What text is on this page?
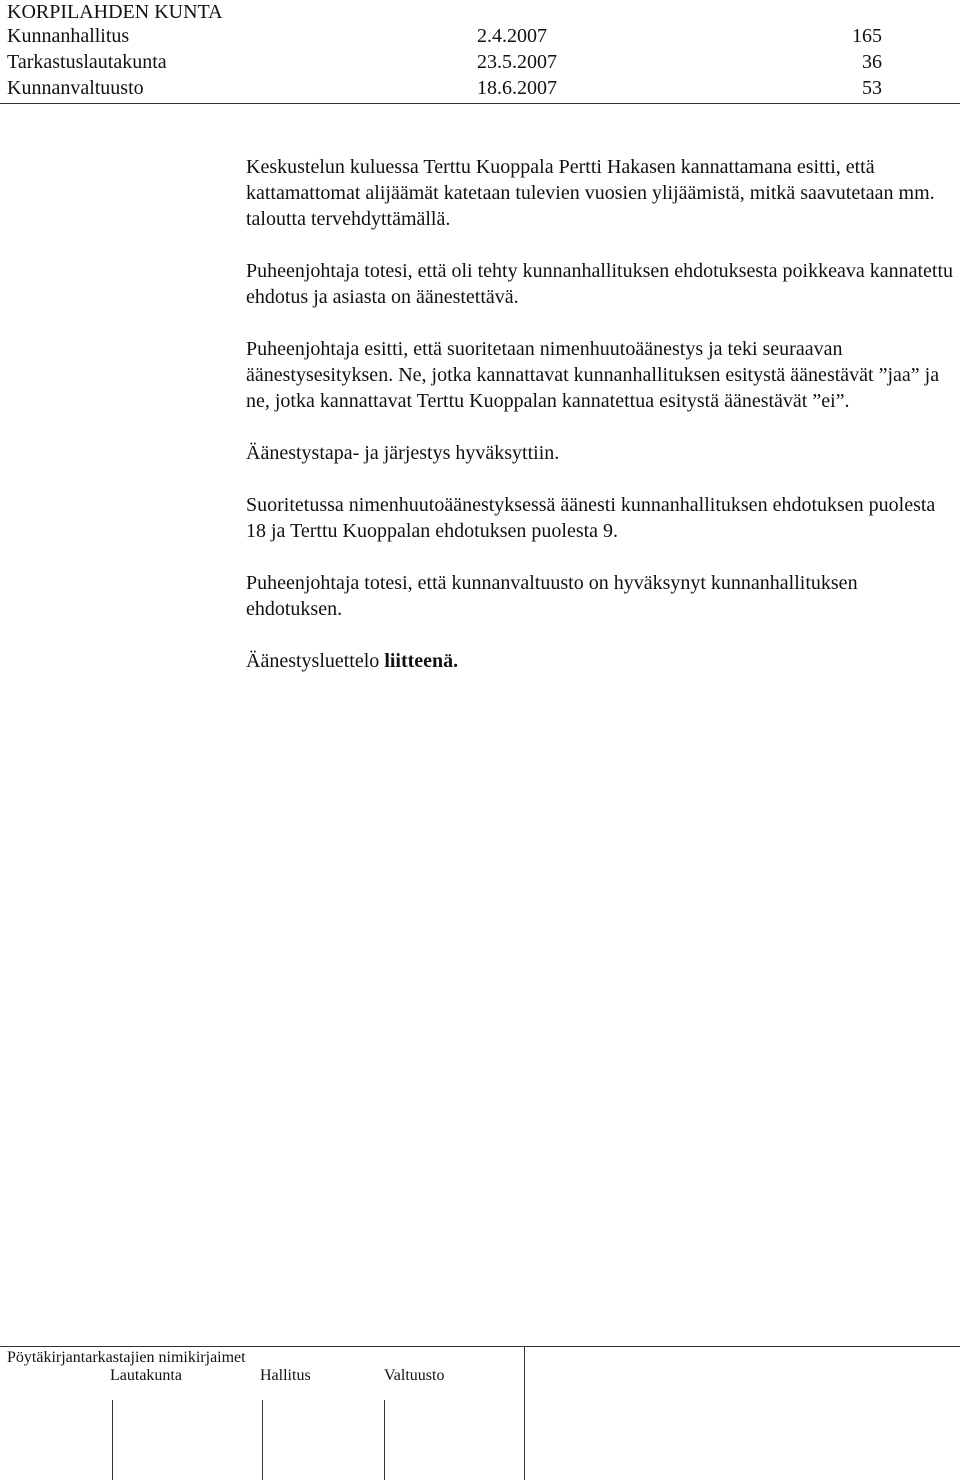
KORPILAHDEN KUNTA
Kunnanhallitus	2.4.2007	165
Tarkastuslautakunta	23.5.2007	36
Kunnanvaltuusto	18.6.2007	53

Keskustelun kuluessa Terttu Kuoppala Pertti Hakasen kannattamana esitti, että kattamattomat alijäämät katetaan tulevien vuosien ylijäämistä, mitkä saavutetaan mm. taloutta tervehdyttämällä.

Puheenjohtaja totesi, että oli tehty kunnanhallituksen ehdotuksesta poikkeava kannatettu ehdotus ja asiasta on äänestettävä.

Puheenjohtaja esitti, että suoritetaan nimenhuutoäänestys ja teki seuraavan äänestysesityksen. Ne, jotka kannattavat kunnanhallituksen esitystä äänestävät ”jaa” ja ne, jotka kannattavat Terttu Kuoppalan kannatettua esitystä äänestävät ”ei”.

Äänestystapa- ja järjestys hyväksyttiin.

Suoritetussa nimenhuutoäänestyksessä äänesti kunnanhallituksen ehdotuksen puolesta 18 ja Terttu Kuoppalan ehdotuksen puolesta 9.

Puheenjohtaja totesi, että kunnanvaltuusto on hyväksynyt kunnanhallituksen ehdotuksen.

Äänestysluettelo liitteenä.

Pöytäkirjantarkastajien nimikirjaimet
Lautakunta	Hallitus	Valtuusto
